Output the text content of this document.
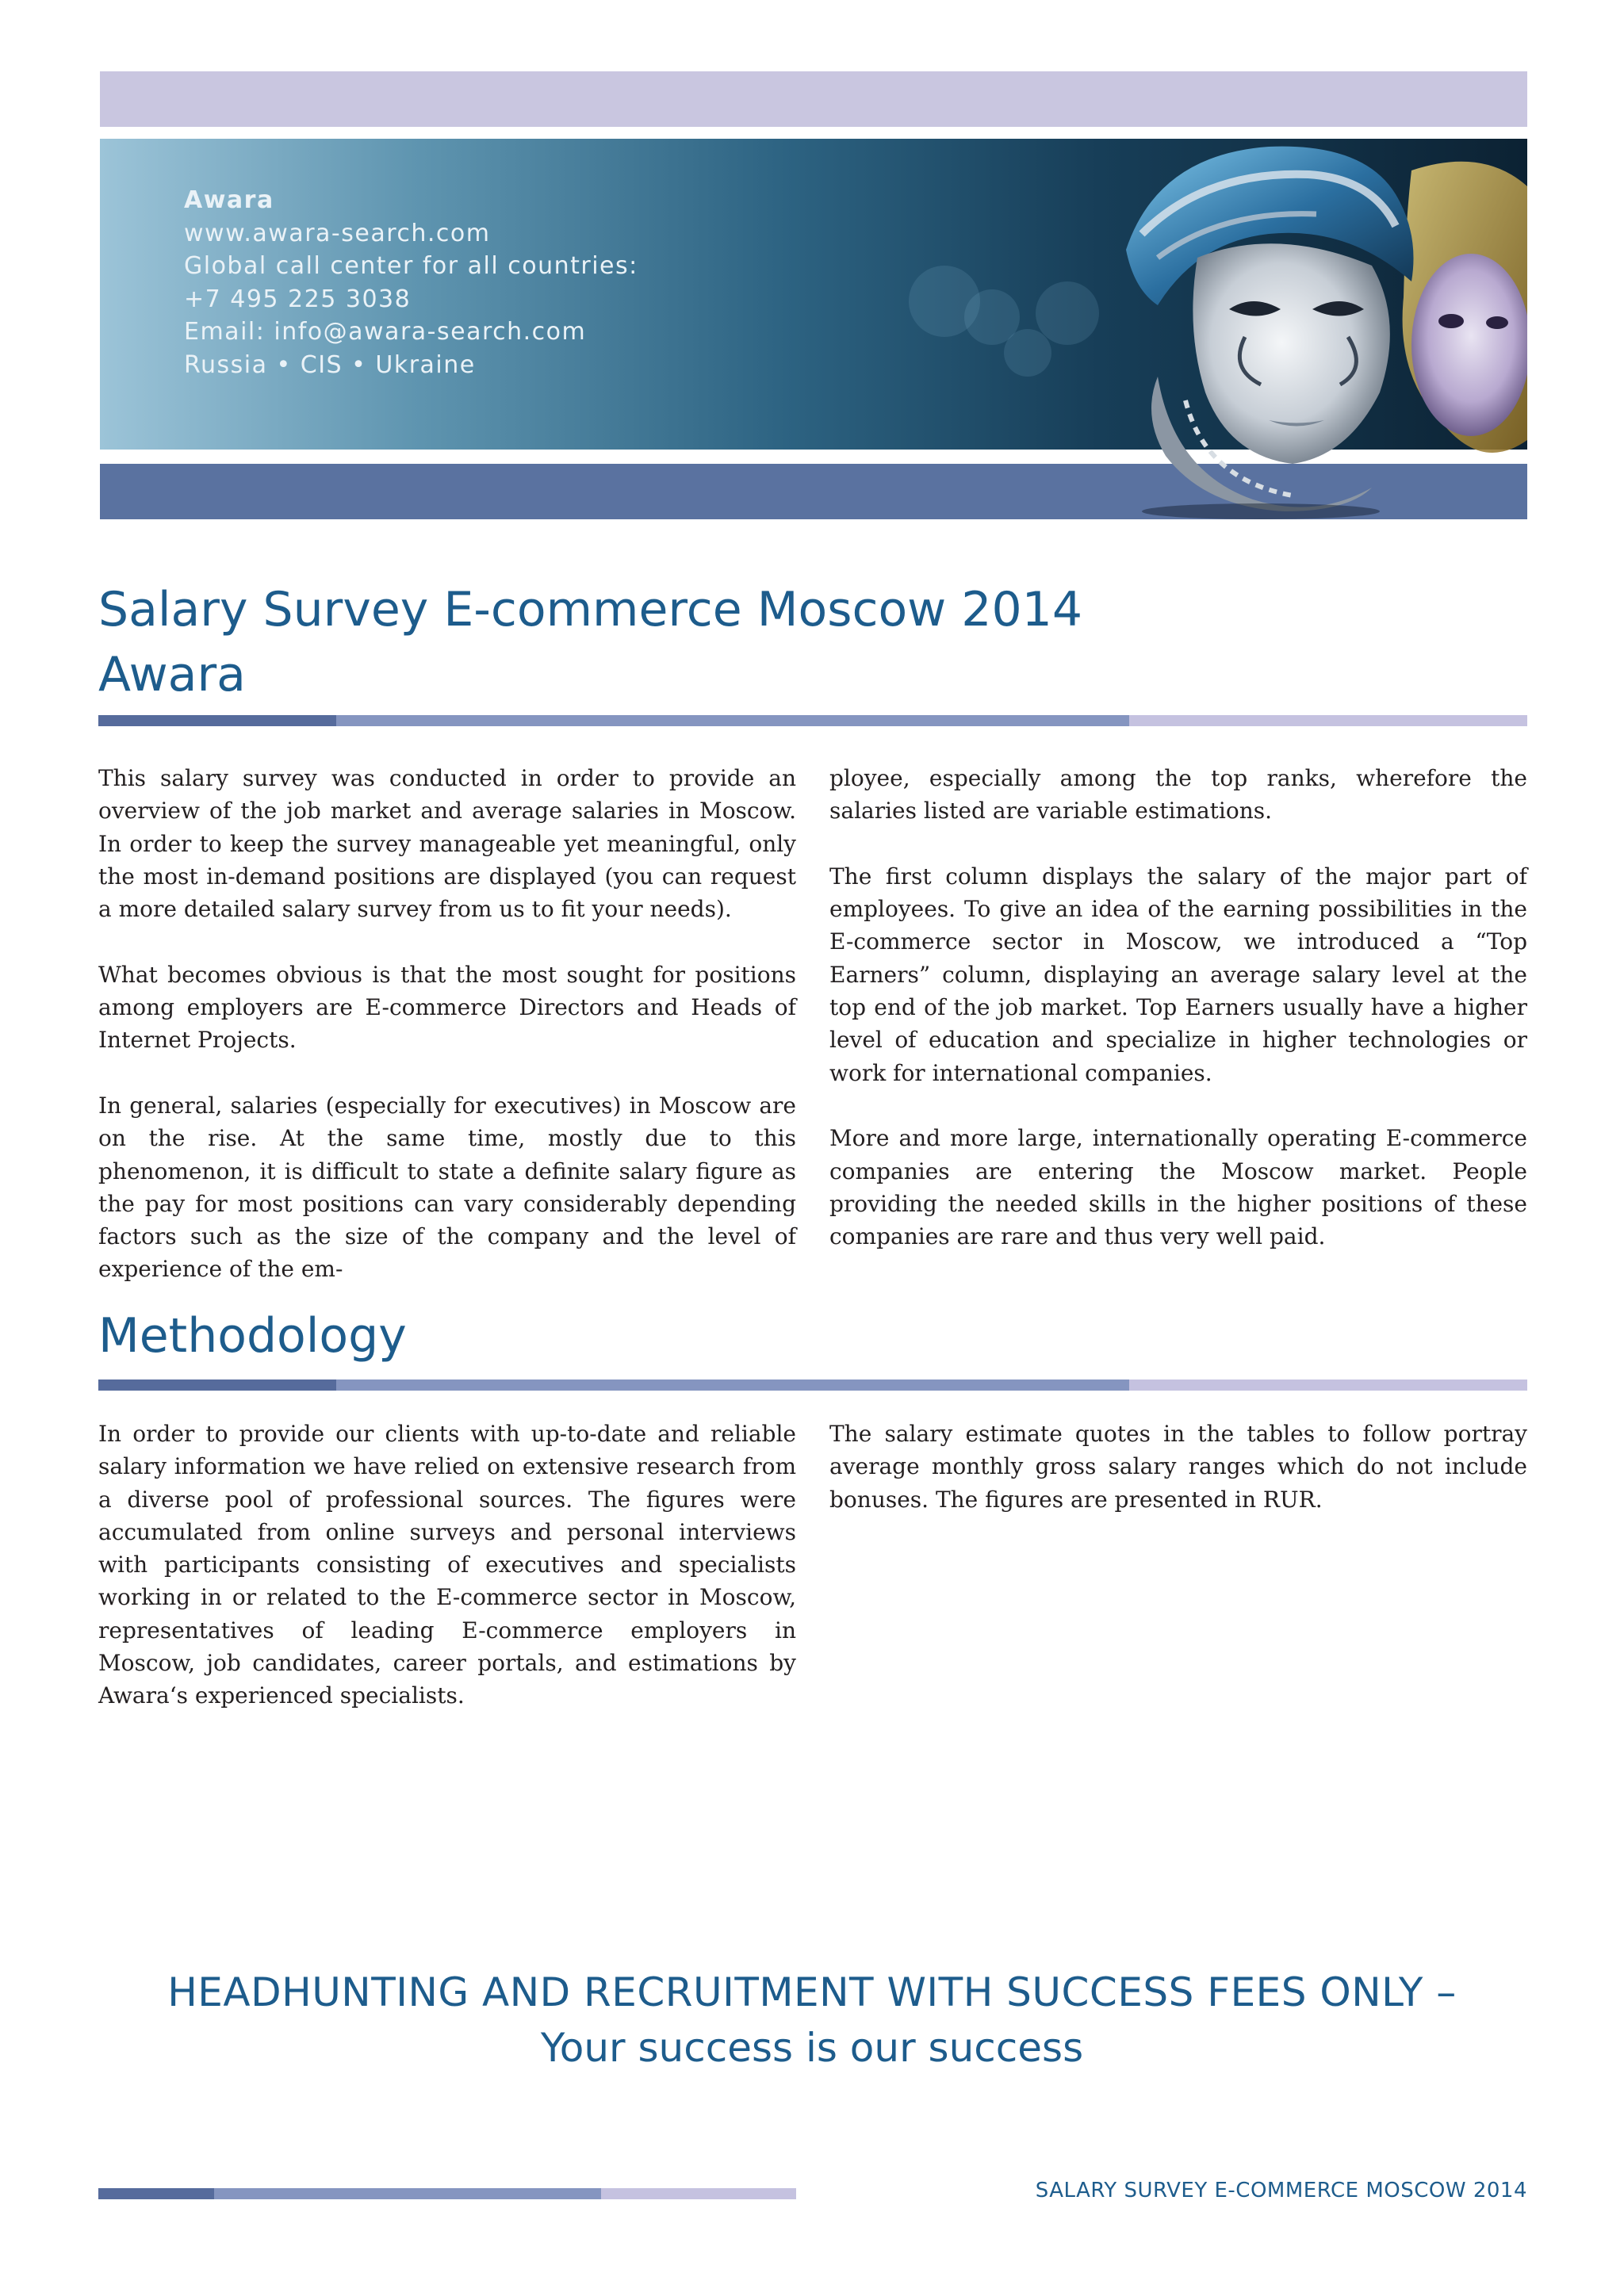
Awara
www.awara-search.com
Global call center for all countries:
+7 495 225 3038
Email: info@awara-search.com
Russia • CIS • Ukraine
Salary Survey E-commerce Moscow 2014
Awara

This salary survey was conducted in order to provide an overview of the job market and average salaries in Moscow. In order to keep the survey manageable yet meaningful, only the most in-demand positions are displayed (you can request a more detailed salary survey from us to fit your needs).

What becomes obvious is that the most sought for positions among employers are E-commerce Directors and Heads of Internet Projects.

In general, salaries (especially for executives) in Moscow are on the rise. At the same time, mostly due to this phenomenon, it is difficult to state a definite salary figure as the pay for most positions can vary considerably depending factors such as the size of the company and the level of experience of the em-

ployee, especially among the top ranks, wherefore the salaries listed are variable estimations.

The first column displays the salary of the major part of employees. To give an idea of the earning possibilities in the E-commerce sector in Moscow, we introduced a “Top Earners” column, displaying an average salary level at the top end of the job market. Top Earners usually have a higher level of education and specialize in higher technologies or work for international companies.

More and more large, internationally operating E-commerce companies are entering the Moscow market. People providing the needed skills in the higher positions of these companies are rare and thus very well paid.

Methodology

In order to provide our clients with up-to-date and reliable salary information we have relied on extensive research from a diverse pool of professional sources. The figures were accumulated from online surveys and personal interviews with participants consisting of executives and specialists working in or related to the E-commerce sector in Moscow, representatives of leading E-commerce employers in Moscow, job candidates, career portals, and estimations by Awara‘s experienced specialists.

The salary estimate quotes in the tables to follow portray average monthly gross salary ranges which do not include bonuses. The figures are presented in RUR.

HEADHUNTING AND RECRUITMENT WITH SUCCESS FEES ONLY –
Your success is our success
SALARY SURVEY E-COMMERCE MOSCOW 2014
